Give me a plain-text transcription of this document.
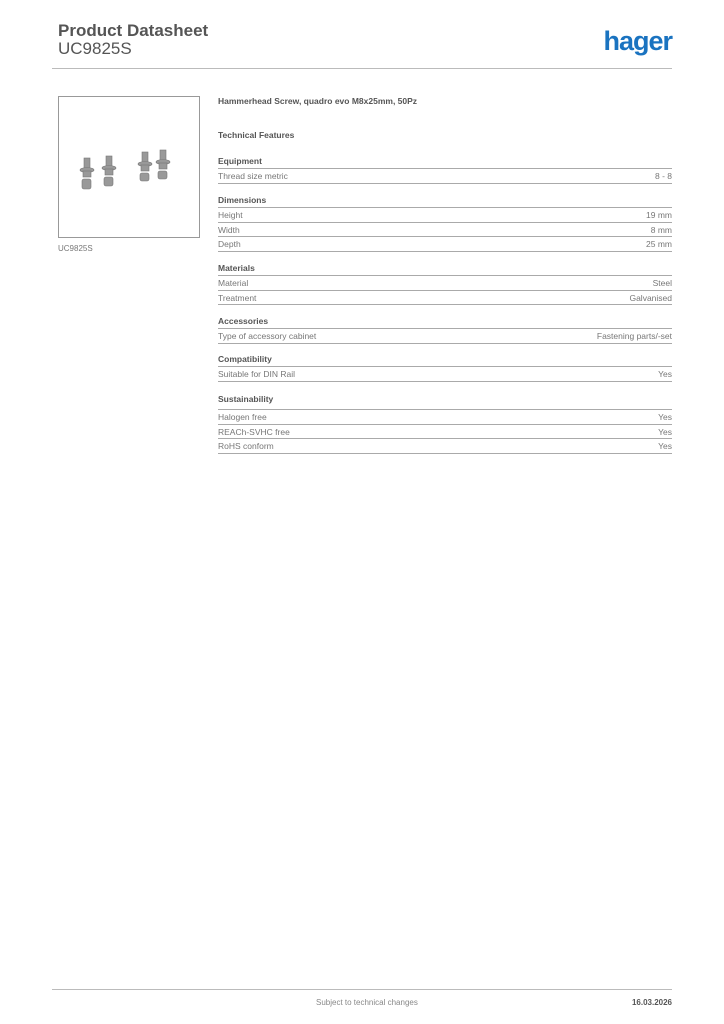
Product Datasheet
UC9825S	hager
UC9825S
Hammerhead Screw, quadro evo M8x25mm, 50Pz
Technical Features
Equipment
Thread size metric	8 - 8
Dimensions
Height	19 mm
Width	8 mm
Depth	25 mm
Materials
Material	Steel
Treatment	Galvanised
Accessories
Type of accessory cabinet	Fastening parts/-set
Compatibility
Suitable for DIN Rail	Yes
Sustainability
Halogen free	Yes
REACh-SVHC free	Yes
RoHS conform	Yes
Subject to technical changes	16.03.2026
